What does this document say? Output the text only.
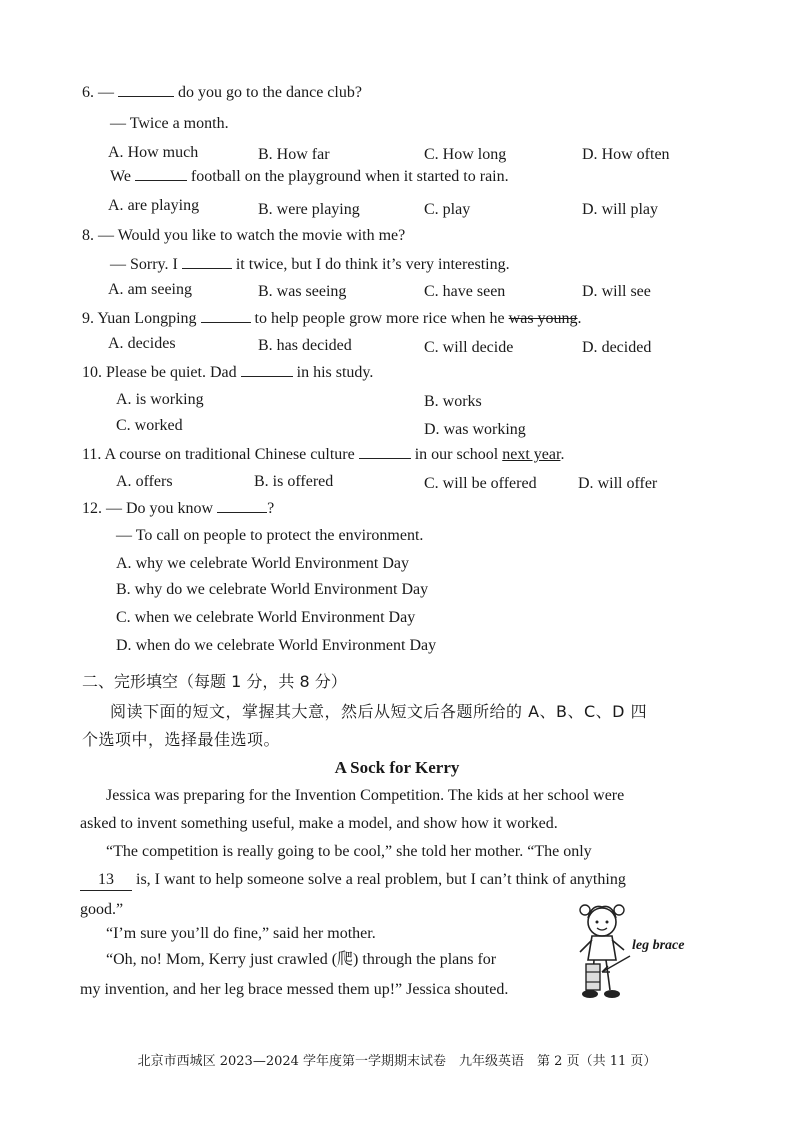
6. —	do you go to the dance club?
— Twice a month.
A. How much	B. How far	C. How long	D. How often
We	football on the playground when it started to rain.
A. are playing	B. were playing	C. play	D. will play
8. — Would you like to watch the movie with me?
— Sorry. I	it twice, but I do think it’s very interesting.
A. am seeing	B. was seeing	C. have seen	D. will see
9. Yuan Longping	to help people grow more rice when he was young.
A. decides	B. has decided	C. will decide	D. decided
10. Please be quiet. Dad	in his study.
A. is working	B. works
C. worked	D. was working
11. A course on traditional Chinese culture	in our school next year.
A. offers	B. is offered	C. will be offered	D. will offer
12. — Do you know	?
— To call on people to protect the environment.
A. why we celebrate World Environment Day
B. why do we celebrate World Environment Day
C. when we celebrate World Environment Day
D. when do we celebrate World Environment Day
二、完形填空（每题 1 分，共 8 分）
阅读下面的短文，掌握其大意，然后从短文后各题所给的 A、B、C、D 四
个选项中，选择最佳选项。
A Sock for Kerry
Jessica was preparing for the Invention Competition. The kids at her school were
asked to invent something useful, make a model, and show how it worked.
“The competition is really going to be cool,” she told her mother. “The only
13 is, I want to help someone solve a real problem, but I can’t think of anything
good.”
“I’m sure you’ll do fine,” said her mother.
“Oh, no! Mom, Kerry just crawled (爬) through the plans for
my invention, and her leg brace messed them up!” Jessica shouted.
leg brace
北京市西城区 2023—2024 学年度第一学期期末试卷　九年级英语　第 2 页（共 11 页）
